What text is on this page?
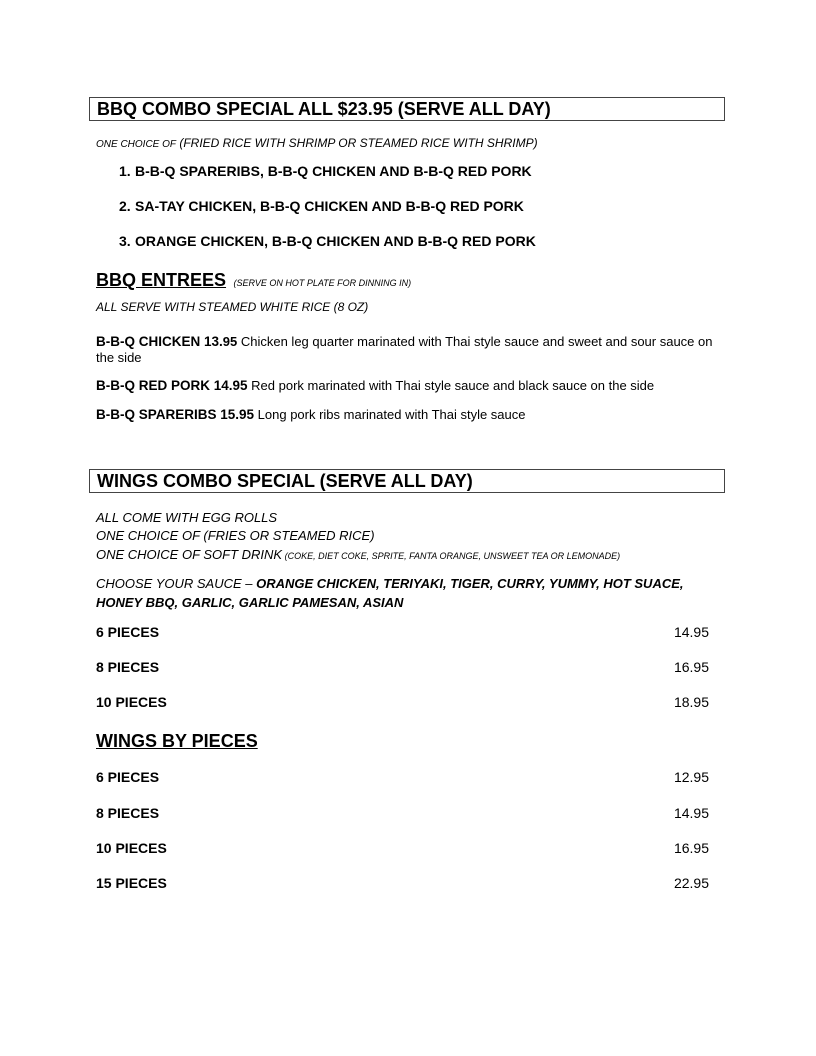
BBQ COMBO SPECIAL ALL $23.95 (SERVE ALL DAY)
ONE CHOICE OF (FRIED RICE WITH SHRIMP OR STEAMED RICE WITH SHRIMP)
1. B-B-Q SPARERIBS, B-B-Q CHICKEN AND B-B-Q RED PORK
2. SA-TAY CHICKEN, B-B-Q CHICKEN AND B-B-Q RED PORK
3. ORANGE CHICKEN, B-B-Q CHICKEN AND B-B-Q RED PORK
BBQ ENTREES (SERVE ON HOT PLATE FOR DINNING IN)
ALL SERVE WITH STEAMED WHITE RICE (8 OZ)
B-B-Q CHICKEN 13.95 Chicken leg quarter marinated with Thai style sauce and sweet and sour sauce on the side
B-B-Q RED PORK 14.95 Red pork marinated with Thai style sauce and black sauce on the side
B-B-Q SPARERIBS 15.95 Long pork ribs marinated with Thai style sauce
WINGS COMBO SPECIAL (SERVE ALL DAY)
ALL COME WITH EGG ROLLS
ONE CHOICE OF (FRIES OR STEAMED RICE)
ONE CHOICE OF SOFT DRINK (COKE, DIET COKE, SPRITE, FANTA ORANGE, UNSWEET TEA OR LEMONADE)
CHOOSE YOUR SAUCE – ORANGE CHICKEN, TERIYAKI, TIGER, CURRY, YUMMY, HOT SUACE, HONEY BBQ, GARLIC, GARLIC PAMESAN, ASIAN
6 PIECES	14.95
8 PIECES	16.95
10 PIECES	18.95
WINGS BY PIECES
6 PIECES	12.95
8 PIECES	14.95
10 PIECES	16.95
15 PIECES	22.95
